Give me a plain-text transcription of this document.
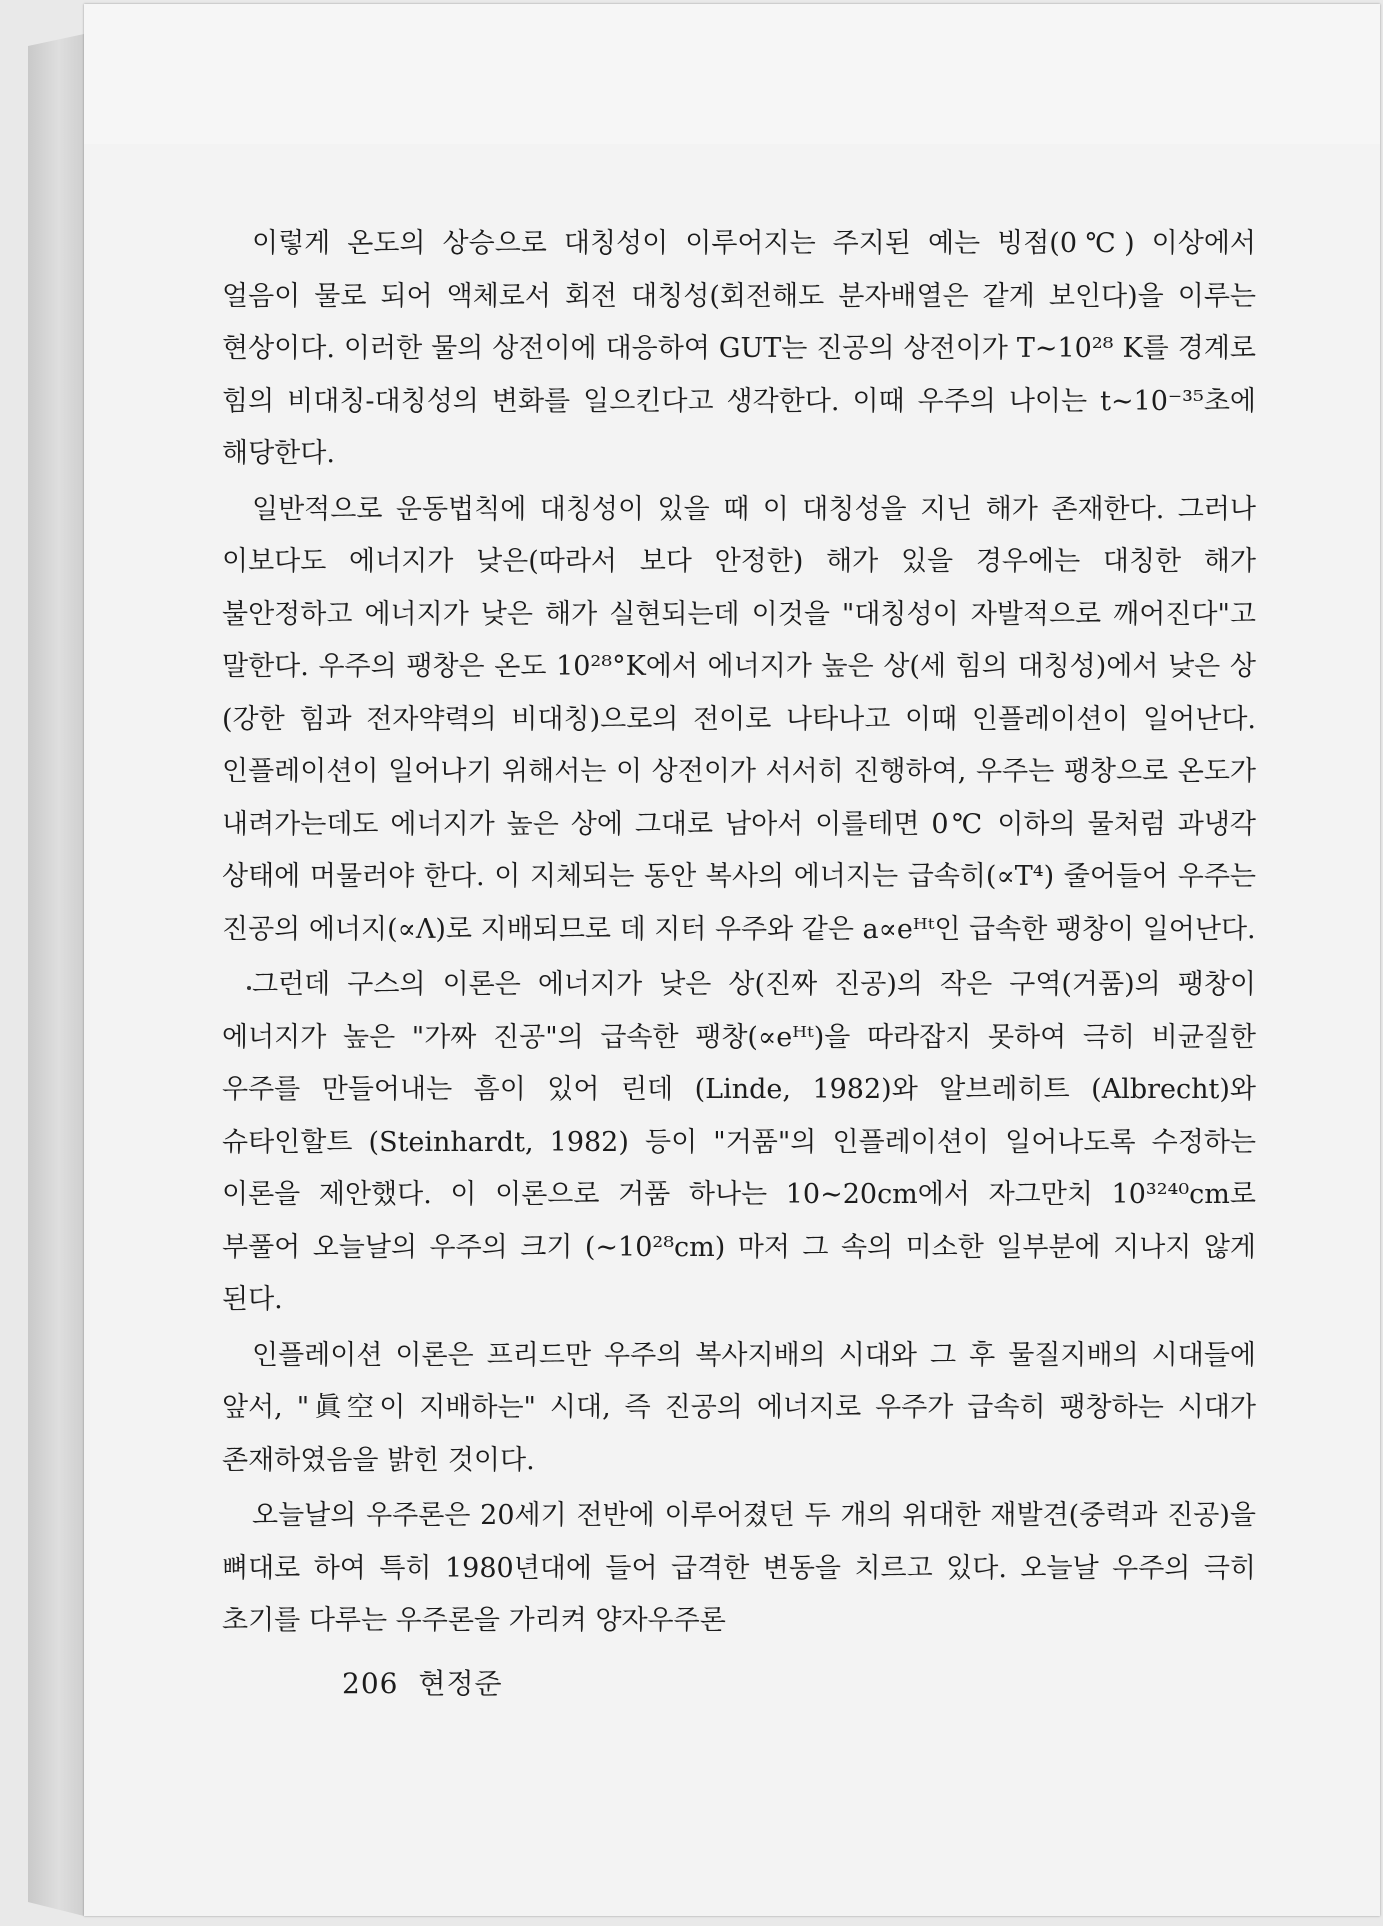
이렇게 온도의 상승으로 대칭성이 이루어지는 주지된 예는 빙점(0℃) 이상에서 얼음이 물로 되어 액체로서 회전 대칭성(회전해도 분자배열은 같게 보인다)을 이루는 현상이다. 이러한 물의 상전이에 대응하여 GUT는 진공의 상전이가 T∼10²⁸ K를 경계로 힘의 비대칭-대칭성의 변화를 일으킨다고 생각한다. 이때 우주의 나이는 t∼10⁻³⁵초에 해당한다.

일반적으로 운동법칙에 대칭성이 있을 때 이 대칭성을 지닌 해가 존재한다. 그러나 이보다도 에너지가 낮은(따라서 보다 안정한) 해가 있을 경우에는 대칭한 해가 불안정하고 에너지가 낮은 해가 실현되는데 이것을 "대칭성이 자발적으로 깨어진다"고 말한다. 우주의 팽창은 온도 10²⁸°K에서 에너지가 높은 상(세 힘의 대칭성)에서 낮은 상(강한 힘과 전자약력의 비대칭)으로의 전이로 나타나고 이때 인플레이션이 일어난다. 인플레이션이 일어나기 위해서는 이 상전이가 서서히 진행하여, 우주는 팽창으로 온도가 내려가는데도 에너지가 높은 상에 그대로 남아서 이를테면 0℃ 이하의 물처럼 과냉각 상태에 머물러야 한다. 이 지체되는 동안 복사의 에너지는 급속히(∝T⁴) 줄어들어 우주는 진공의 에너지(∝Λ)로 지배되므로 데 지터 우주와 같은 a∝eᴴᵗ인 급속한 팽창이 일어난다.

그런데 구스의 이론은 에너지가 낮은 상(진짜 진공)의 작은 구역(거품)의 팽창이 에너지가 높은 "가짜 진공"의 급속한 팽창(∝eᴴᵗ)을 따라잡지 못하여 극히 비균질한 우주를 만들어내는 흠이 있어 린데 (Linde, 1982)와 알브레히트 (Albrecht)와 슈타인할트 (Steinhardt, 1982) 등이 "거품"의 인플레이션이 일어나도록 수정하는 이론을 제안했다. 이 이론으로 거품 하나는 10∼20cm에서 자그만치 10³²⁴⁰cm로 부풀어 오늘날의 우주의 크기 (∼10²⁸cm) 마저 그 속의 미소한 일부분에 지나지 않게 된다.

인플레이션 이론은 프리드만 우주의 복사지배의 시대와 그 후 물질지배의 시대들에 앞서, "眞空이 지배하는" 시대, 즉 진공의 에너지로 우주가 급속히 팽창하는 시대가 존재하였음을 밝힌 것이다.

오늘날의 우주론은 20세기 전반에 이루어졌던 두 개의 위대한 재발견(중력과 진공)을 뼈대로 하여 특히 1980년대에 들어 급격한 변동을 치르고 있다. 오늘날 우주의 극히 초기를 다루는 우주론을 가리켜 양자우주론

206 현정준
